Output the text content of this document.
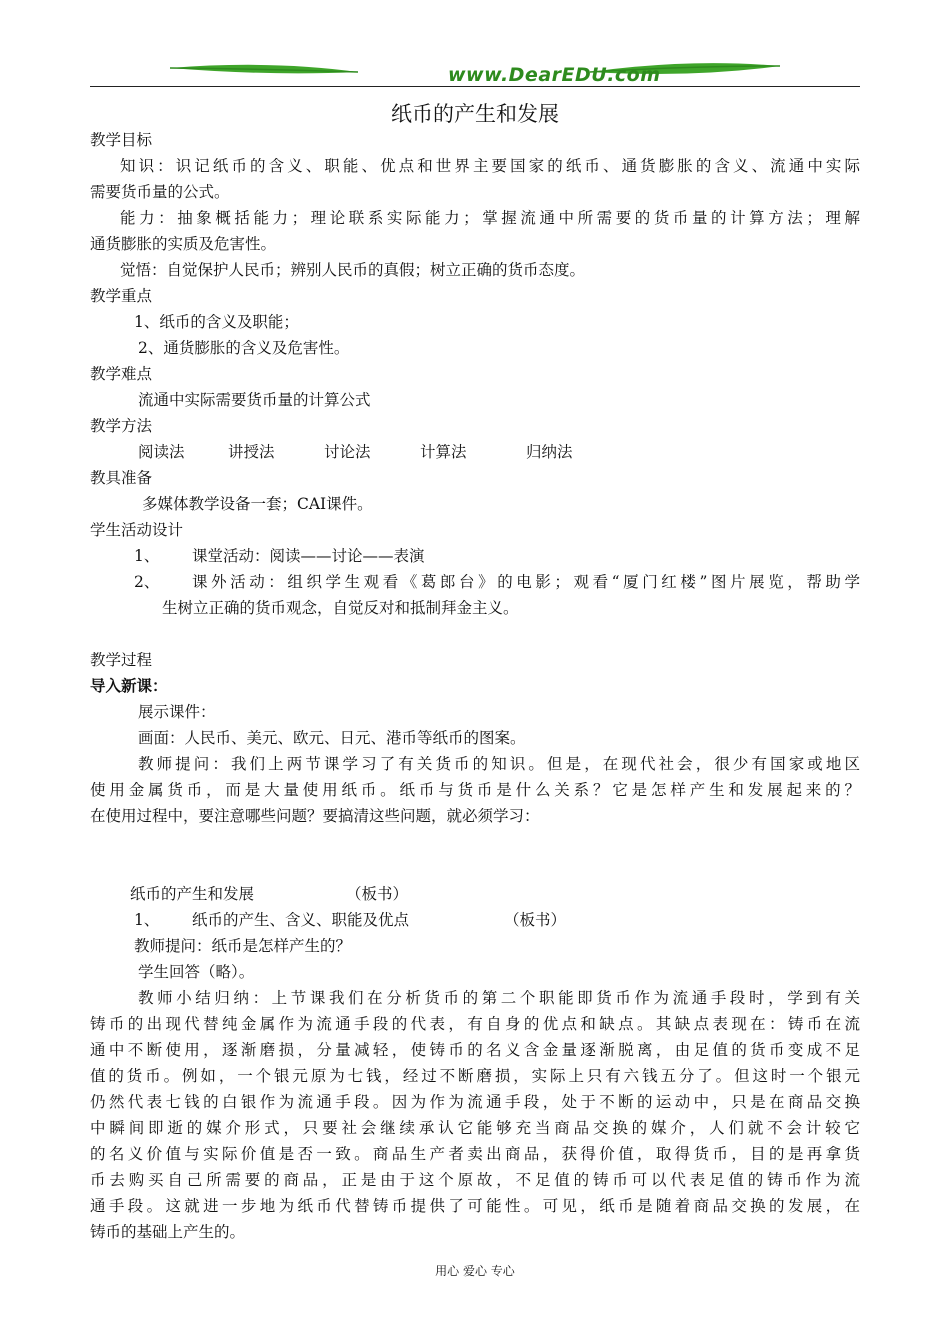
www.DearEDU.com
纸币的产生和发展
教学目标
知识：识记纸币的含义、职能、优点和世界主要国家的纸币、通货膨胀的含义、流通中实际
需要货币量的公式。
能力：抽象概括能力；理论联系实际能力；掌握流通中所需要的货币量的计算方法；理解
通货膨胀的实质及危害性。
觉悟：自觉保护人民币；辨别人民币的真假；树立正确的货币态度。
教学重点
1、纸币的含义及职能；
2、通货膨胀的含义及危害性。
教学难点
流通中实际需要货币量的计算公式
教学方法
阅读法	讲授法	讨论法	计算法	归纳法
教具准备
多媒体教学设备一套；CAI课件。
学生活动设计
1、 课堂活动：阅读——讨论——表演
2、 课外活动：组织学生观看《葛郎台》的电影；观看“厦门红楼”图片展览，帮助学
生树立正确的货币观念，自觉反对和抵制拜金主义。
教学过程
导入新课：
展示课件：
画面：人民币、美元、欧元、日元、港币等纸币的图案。
教师提问：我们上两节课学习了有关货币的知识。但是，在现代社会，很少有国家或地区
使用金属货币，而是大量使用纸币。纸币与货币是什么关系？它是怎样产生和发展起来的？
在使用过程中，要注意哪些问题？要搞清这些问题，就必须学习：
纸币的产生和发展	（板书）
1、 纸币的产生、含义、职能及优点	（板书）
教师提问：纸币是怎样产生的？
学生回答（略）。
教师小结归纳：上节课我们在分析货币的第二个职能即货币作为流通手段时，学到有关
铸币的出现代替纯金属作为流通手段的代表，有自身的优点和缺点。其缺点表现在：铸币在流
通中不断使用，逐渐磨损，分量减轻，使铸币的名义含金量逐渐脱离，由足值的货币变成不足
值的货币。例如，一个银元原为七钱，经过不断磨损，实际上只有六钱五分了。但这时一个银元
仍然代表七钱的白银作为流通手段。因为作为流通手段，处于不断的运动中，只是在商品交换
中瞬间即逝的媒介形式，只要社会继续承认它能够充当商品交换的媒介，人们就不会计较它
的名义价值与实际价值是否一致。商品生产者卖出商品，获得价值，取得货币，目的是再拿货
币去购买自己所需要的商品，正是由于这个原故，不足值的铸币可以代表足值的铸币作为流
通手段。这就进一步地为纸币代替铸币提供了可能性。可见，纸币是随着商品交换的发展，在
铸币的基础上产生的。
用心 爱心 专心
